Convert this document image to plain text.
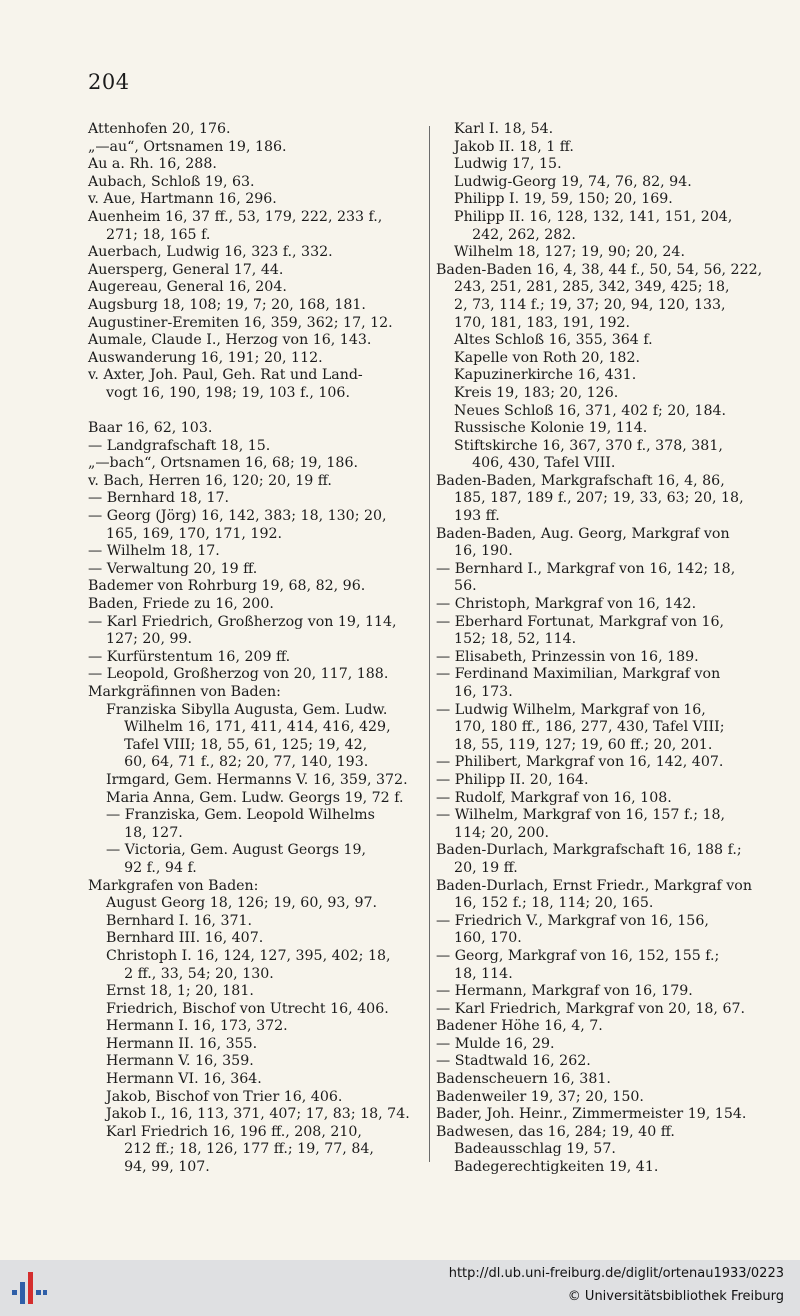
204
Attenhofen 20, 176.
„—au“, Ortsnamen 19, 186.
Au a. Rh. 16, 288.
Aubach, Schloß 19, 63.
v. Aue, Hartmann 16, 296.
Auenheim 16, 37 ff., 53, 179, 222, 233 f.,
271; 18, 165 f.
Auerbach, Ludwig 16, 323 f., 332.
Auersperg, General 17, 44.
Augereau, General 16, 204.
Augsburg 18, 108; 19, 7; 20, 168, 181.
Augustiner-Eremiten 16, 359, 362; 17, 12.
Aumale, Claude I., Herzog von 16, 143.
Auswanderung 16, 191; 20, 112.
v. Axter, Joh. Paul, Geh. Rat und Land-
vogt 16, 190, 198; 19, 103 f., 106.
Baar 16, 62, 103.
— Landgrafschaft 18, 15.
„—bach“, Ortsnamen 16, 68; 19, 186.
v. Bach, Herren 16, 120; 20, 19 ff.
— Bernhard 18, 17.
— Georg (Jörg) 16, 142, 383; 18, 130; 20,
165, 169, 170, 171, 192.
— Wilhelm 18, 17.
— Verwaltung 20, 19 ff.
Bademer von Rohrburg 19, 68, 82, 96.
Baden, Friede zu 16, 200.
— Karl Friedrich, Großherzog von 19, 114,
127; 20, 99.
— Kurfürstentum 16, 209 ff.
— Leopold, Großherzog von 20, 117, 188.
Markgräfinnen von Baden:
Franziska Sibylla Augusta, Gem. Ludw.
Wilhelm 16, 171, 411, 414, 416, 429,
Tafel VIII; 18, 55, 61, 125; 19, 42,
60, 64, 71 f., 82; 20, 77, 140, 193.
Irmgard, Gem. Hermanns V. 16, 359, 372.
Maria Anna, Gem. Ludw. Georgs 19, 72 f.
— Franziska, Gem. Leopold Wilhelms
18, 127.
— Victoria, Gem. August Georgs 19,
92 f., 94 f.
Markgrafen von Baden:
August Georg 18, 126; 19, 60, 93, 97.
Bernhard I. 16, 371.
Bernhard III. 16, 407.
Christoph I. 16, 124, 127, 395, 402; 18,
2 ff., 33, 54; 20, 130.
Ernst 18, 1; 20, 181.
Friedrich, Bischof von Utrecht 16, 406.
Hermann I. 16, 173, 372.
Hermann II. 16, 355.
Hermann V. 16, 359.
Hermann VI. 16, 364.
Jakob, Bischof von Trier 16, 406.
Jakob I., 16, 113, 371, 407; 17, 83; 18, 74.
Karl Friedrich 16, 196 ff., 208, 210,
212 ff.; 18, 126, 177 ff.; 19, 77, 84,
94, 99, 107.
Karl I. 18, 54.
Jakob II. 18, 1 ff.
Ludwig 17, 15.
Ludwig-Georg 19, 74, 76, 82, 94.
Philipp I. 19, 59, 150; 20, 169.
Philipp II. 16, 128, 132, 141, 151, 204,
242, 262, 282.
Wilhelm 18, 127; 19, 90; 20, 24.
Baden-Baden 16, 4, 38, 44 f., 50, 54, 56, 222,
243, 251, 281, 285, 342, 349, 425; 18,
2, 73, 114 f.; 19, 37; 20, 94, 120, 133,
170, 181, 183, 191, 192.
Altes Schloß 16, 355, 364 f.
Kapelle von Roth 20, 182.
Kapuzinerkirche 16, 431.
Kreis 19, 183; 20, 126.
Neues Schloß 16, 371, 402 f; 20, 184.
Russische Kolonie 19, 114.
Stiftskirche 16, 367, 370 f., 378, 381,
406, 430, Tafel VIII.
Baden-Baden, Markgrafschaft 16, 4, 86,
185, 187, 189 f., 207; 19, 33, 63; 20, 18,
193 ff.
Baden-Baden, Aug. Georg, Markgraf von
16, 190.
— Bernhard I., Markgraf von 16, 142; 18,
56.
— Christoph, Markgraf von 16, 142.
— Eberhard Fortunat, Markgraf von 16,
152; 18, 52, 114.
— Elisabeth, Prinzessin von 16, 189.
— Ferdinand Maximilian, Markgraf von
16, 173.
— Ludwig Wilhelm, Markgraf von 16,
170, 180 ff., 186, 277, 430, Tafel VIII;
18, 55, 119, 127; 19, 60 ff.; 20, 201.
— Philibert, Markgraf von 16, 142, 407.
— Philipp II. 20, 164.
— Rudolf, Markgraf von 16, 108.
— Wilhelm, Markgraf von 16, 157 f.; 18,
114; 20, 200.
Baden-Durlach, Markgrafschaft 16, 188 f.;
20, 19 ff.
Baden-Durlach, Ernst Friedr., Markgraf von
16, 152 f.; 18, 114; 20, 165.
— Friedrich V., Markgraf von 16, 156,
160, 170.
— Georg, Markgraf von 16, 152, 155 f.;
18, 114.
— Hermann, Markgraf von 16, 179.
— Karl Friedrich, Markgraf von 20, 18, 67.
Badener Höhe 16, 4, 7.
— Mulde 16, 29.
— Stadtwald 16, 262.
Badenscheuern 16, 381.
Badenweiler 19, 37; 20, 150.
Bader, Joh. Heinr., Zimmermeister 19, 154.
Badwesen, das 16, 284; 19, 40 ff.
Badeausschlag 19, 57.
Badegerechtigkeiten 19, 41.
http://dl.ub.uni-freiburg.de/diglit/ortenau1933/0223
© Universitätsbibliothek Freiburg
